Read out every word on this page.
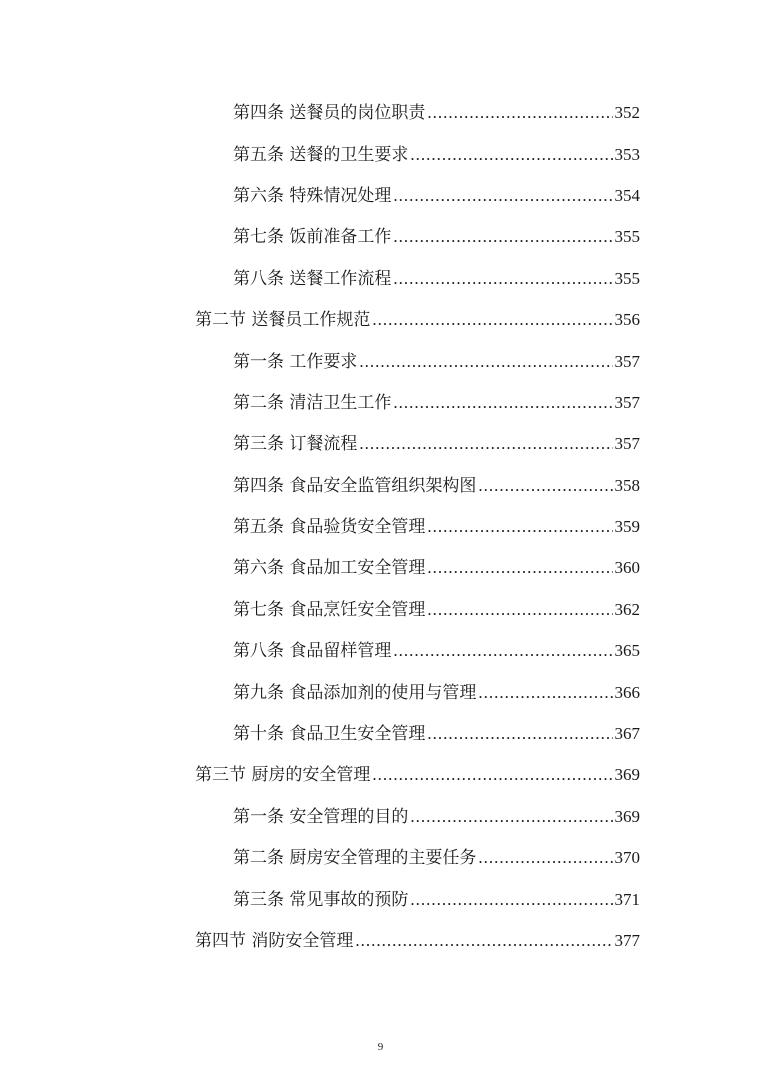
第四条 送餐员的岗位职责 .....	352
第五条 送餐的卫生要求 .....	353
第六条 特殊情况处理 .....	354
第七条 饭前准备工作 .....	355
第八条 送餐工作流程 .....	355
第二节 送餐员工作规范 .....	356
第一条 工作要求 .....	357
第二条 清洁卫生工作 .....	357
第三条 订餐流程 .....	357
第四条 食品安全监管组织架构图 .....	358
第五条 食品验货安全管理 .....	359
第六条 食品加工安全管理 .....	360
第七条 食品烹饪安全管理 .....	362
第八条 食品留样管理 .....	365
第九条 食品添加剂的使用与管理 .....	366
第十条 食品卫生安全管理 .....	367
第三节 厨房的安全管理 .....	369
第一条 安全管理的目的 .....	369
第二条 厨房安全管理的主要任务 .....	370
第三条 常见事故的预防 .....	371
第四节 消防安全管理 .....	377
9
